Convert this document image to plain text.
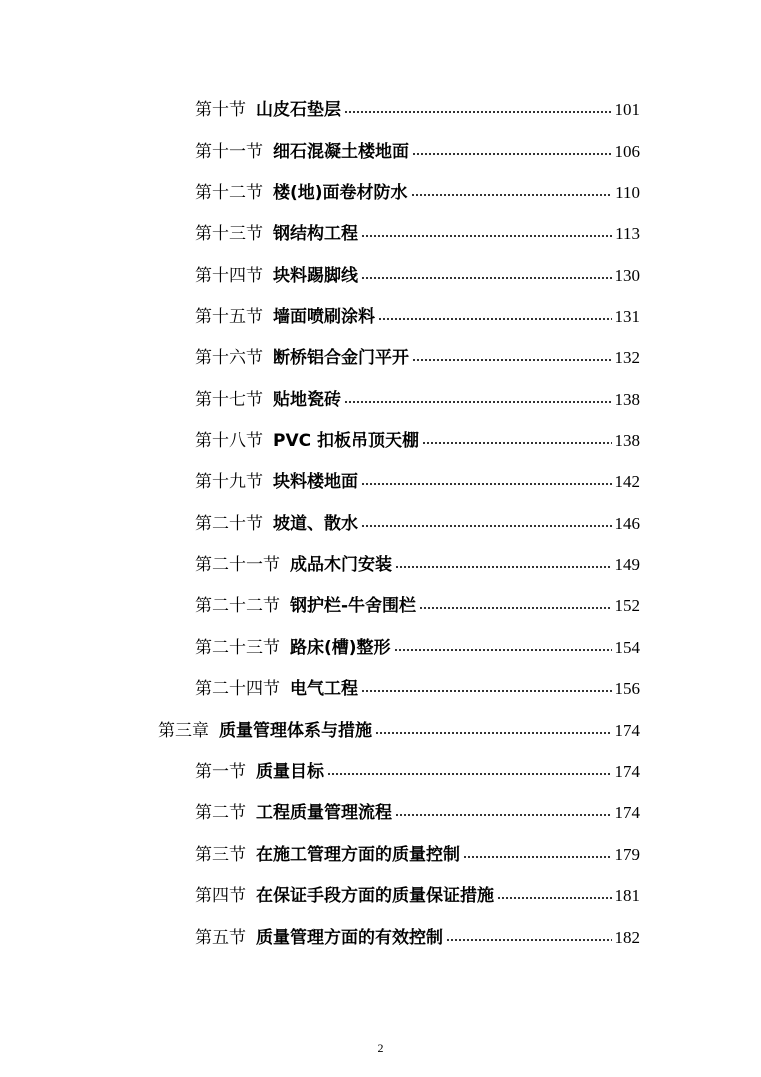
第十节 山皮石垫层	101
第十一节 细石混凝土楼地面	106
第十二节 楼(地)面卷材防水	110
第十三节 钢结构工程	113
第十四节 块料踢脚线	130
第十五节 墙面喷刷涂料	131
第十六节 断桥铝合金门平开	132
第十七节 贴地瓷砖	138
第十八节 PVC 扣板吊顶天棚	138
第十九节 块料楼地面	142
第二十节 坡道、散水	146
第二十一节 成品木门安装	149
第二十二节 钢护栏-牛舍围栏	152
第二十三节 路床(槽)整形	154
第二十四节 电气工程	156
第三章 质量管理体系与措施	174
第一节 质量目标	174
第二节 工程质量管理流程	174
第三节 在施工管理方面的质量控制	179
第四节 在保证手段方面的质量保证措施	181
第五节 质量管理方面的有效控制	182
2
